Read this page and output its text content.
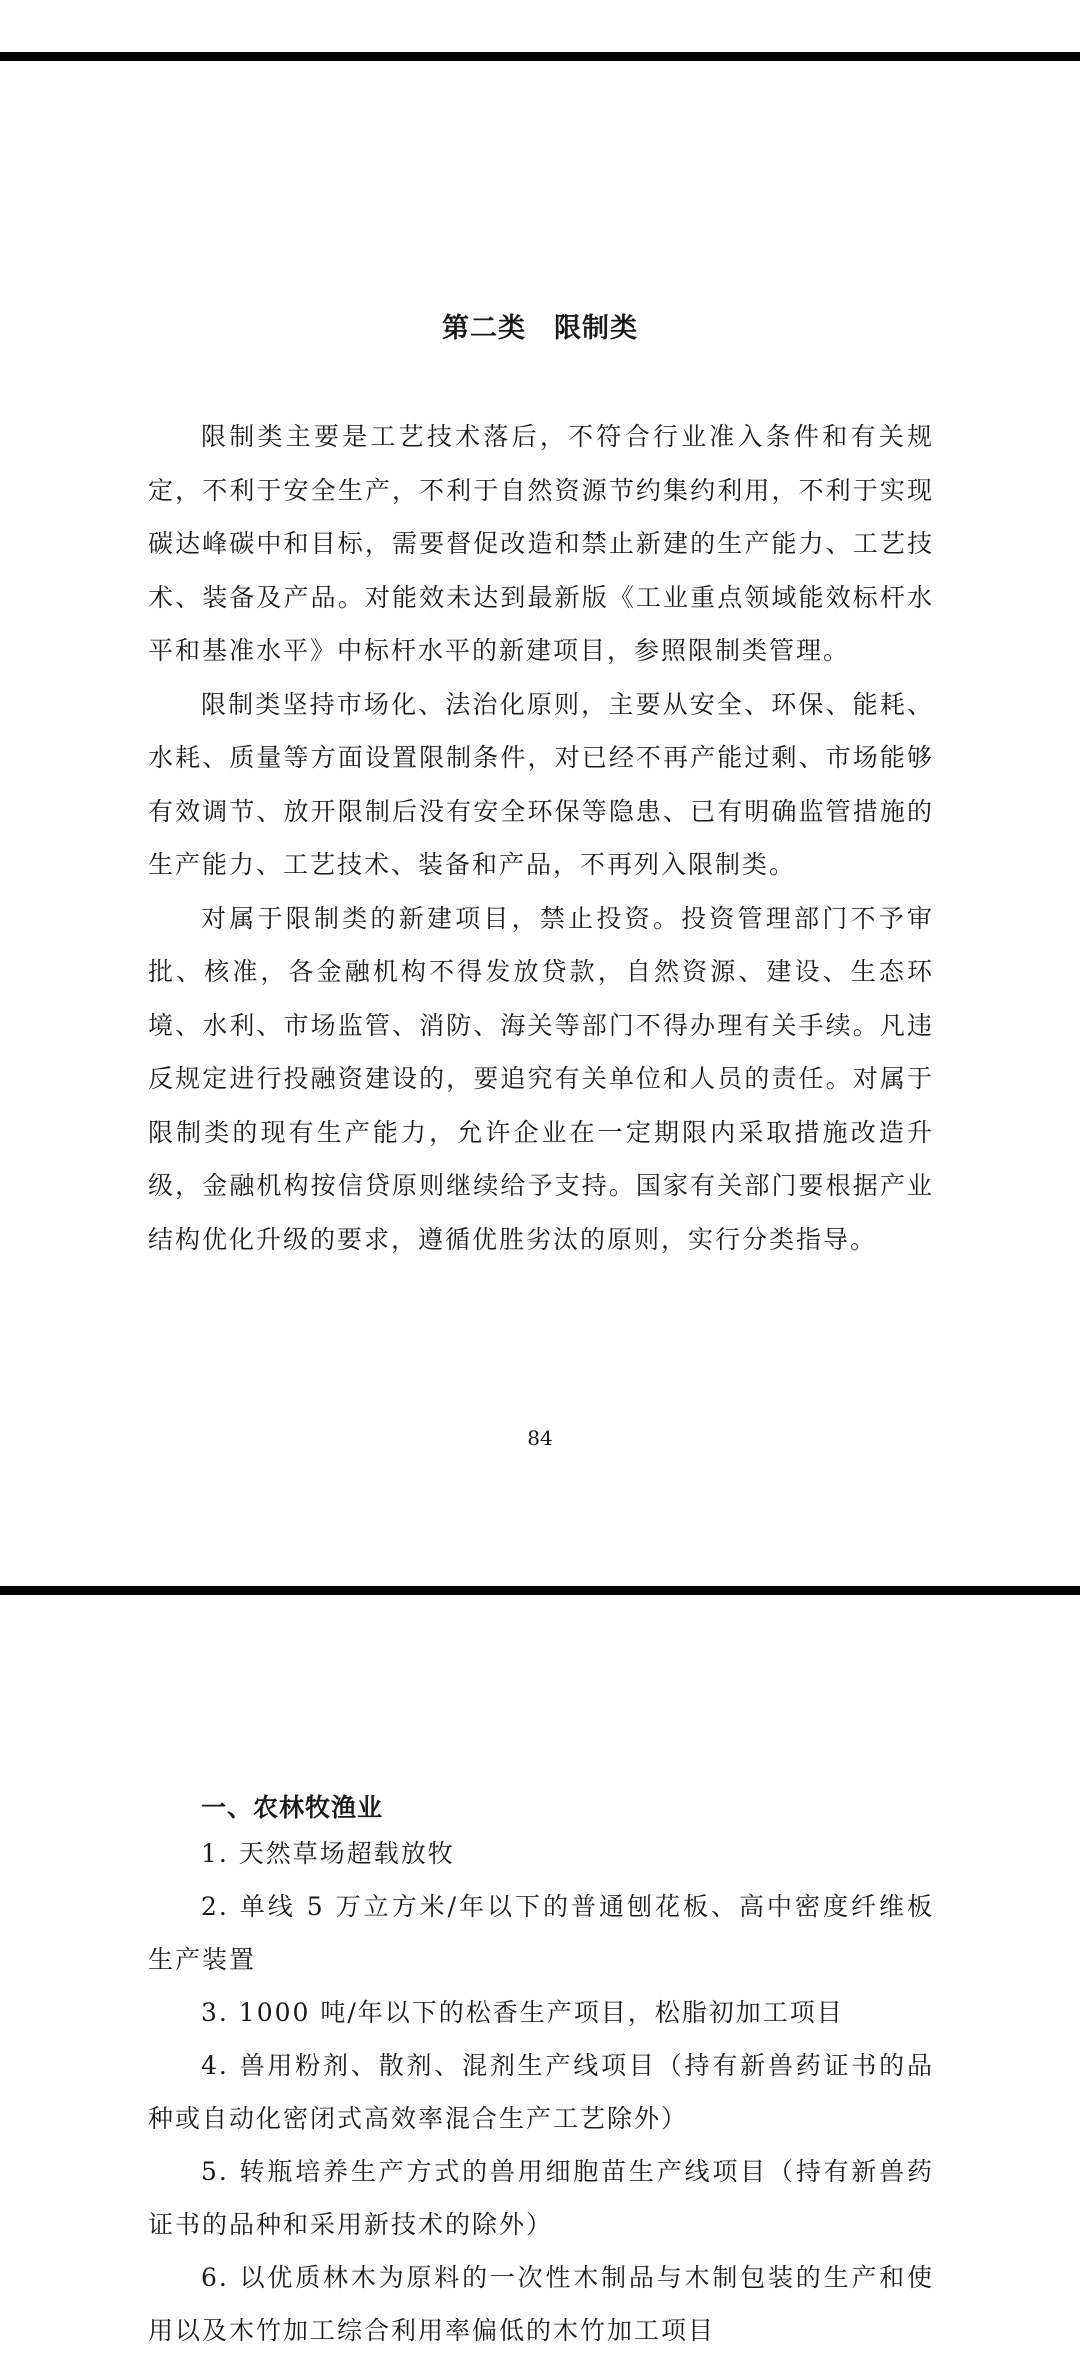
第二类 限制类

限制类主要是工艺技术落后，不符合行业准入条件和有关规定，不利于安全生产，不利于自然资源节约集约利用，不利于实现碳达峰碳中和目标，需要督促改造和禁止新建的生产能力、工艺技术、装备及产品。对能效未达到最新版《工业重点领域能效标杆水平和基准水平》中标杆水平的新建项目，参照限制类管理。

限制类坚持市场化、法治化原则，主要从安全、环保、能耗、水耗、质量等方面设置限制条件，对已经不再产能过剩、市场能够有效调节、放开限制后没有安全环保等隐患、已有明确监管措施的生产能力、工艺技术、装备和产品，不再列入限制类。

对属于限制类的新建项目，禁止投资。投资管理部门不予审批、核准，各金融机构不得发放贷款，自然资源、建设、生态环境、水利、市场监管、消防、海关等部门不得办理有关手续。凡违反规定进行投融资建设的，要追究有关单位和人员的责任。对属于限制类的现有生产能力，允许企业在一定期限内采取措施改造升级，金融机构按信贷原则继续给予支持。国家有关部门要根据产业结构优化升级的要求，遵循优胜劣汰的原则，实行分类指导。

84
一、农林牧渔业

1. 天然草场超载放牧

2. 单线 5 万立方米/年以下的普通刨花板、高中密度纤维板生产装置

3. 1000 吨/年以下的松香生产项目，松脂初加工项目

4. 兽用粉剂、散剂、混剂生产线项目（持有新兽药证书的品种或自动化密闭式高效率混合生产工艺除外）

5. 转瓶培养生产方式的兽用细胞苗生产线项目（持有新兽药证书的品种和采用新技术的除外）

6. 以优质林木为原料的一次性木制品与木制包装的生产和使用以及木竹加工综合利用率偏低的木竹加工项目
